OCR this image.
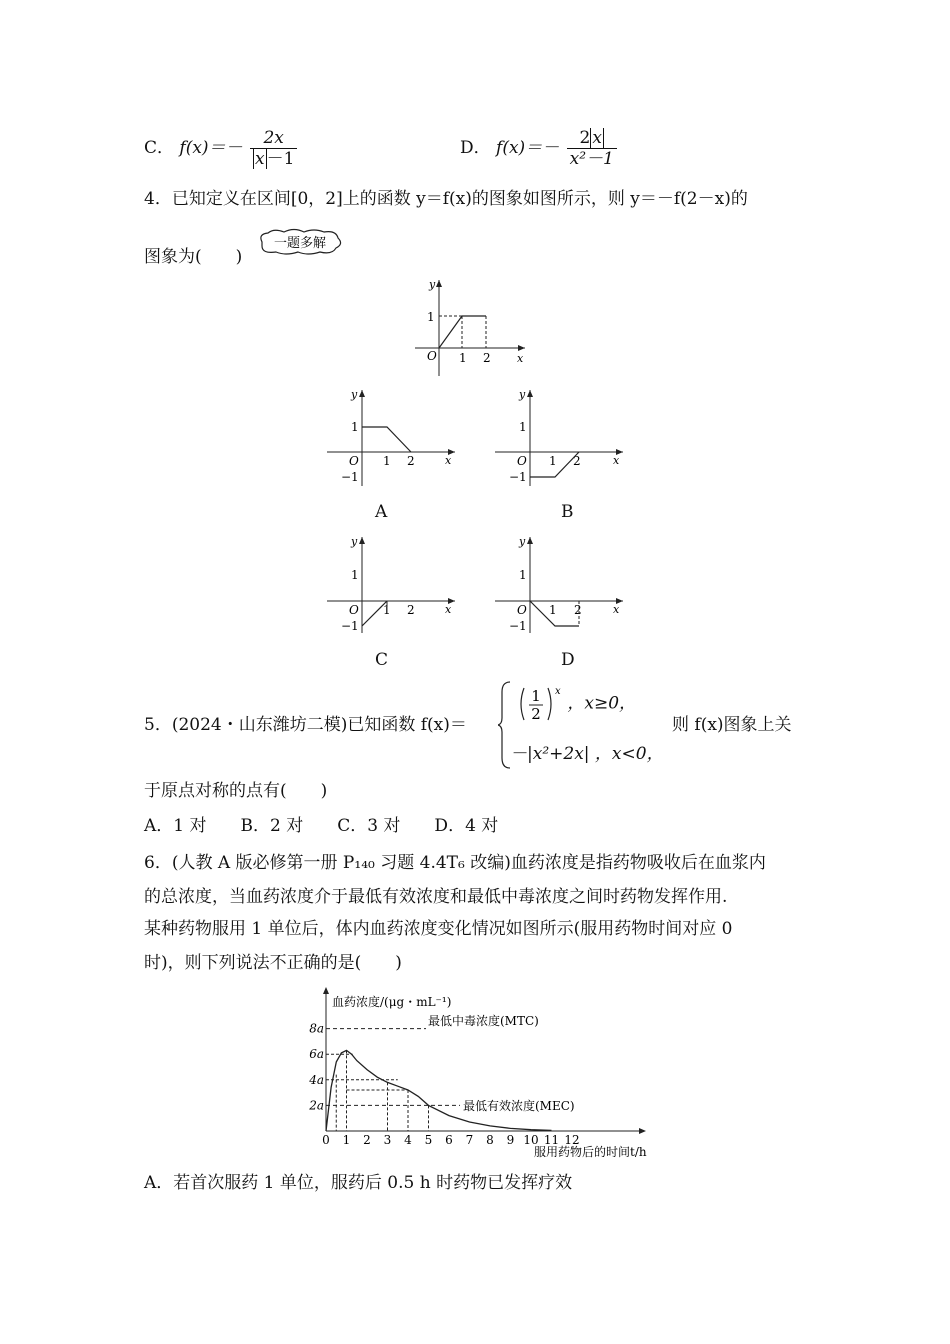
C． $f(x)=- \frac{2x}{x -1}$	D． $f(x)=- \frac{2 x}{\text{x²－1}}$
4．已知定义在区间[0，2]上的函数 y＝f(x)的图象如图所示，则 y＝－f(2－x)的
图象为(　　)
一题多解
y
x
O
1
1 2
y
x
O
1
−1
1 2
y
x
O
1
−1
1 2
A	B
y
x
O
1
−1
1 2
y
x
O
1
−1
1 2
C	D
5．(2024・山东潍坊二模)已知函数 f(x)＝
1
2
x
，x≥0，
－|x²+2x| ，x<0，
则 f(x)图象上关
于原点对称的点有(　　)
A．1 对　　B．2 对　　C．3 对　　D．4 对
6．(人教 A 版必修第一册 P₁₄₀ 习题 4.4T₆ 改编)血药浓度是指药物吸收后在血浆内
的总浓度，当血药浓度介于最低有效浓度和最低中毒浓度之间时药物发挥作用.
某种药物服用 1 单位后，体内血药浓度变化情况如图所示(服用药物时间对应 0
时)，则下列说法不正确的是(　　)
0 1 2 3 4 5 6 7 8 9 10 11 12
2a
4a
6a
8a
血药浓度/(μg・mL⁻¹)
服用药物后的时间t/h
最低中毒浓度(MTC)
最低有效浓度(MEC)
A．若首次服药 1 单位，服药后 0.5 h 时药物已发挥疗效
